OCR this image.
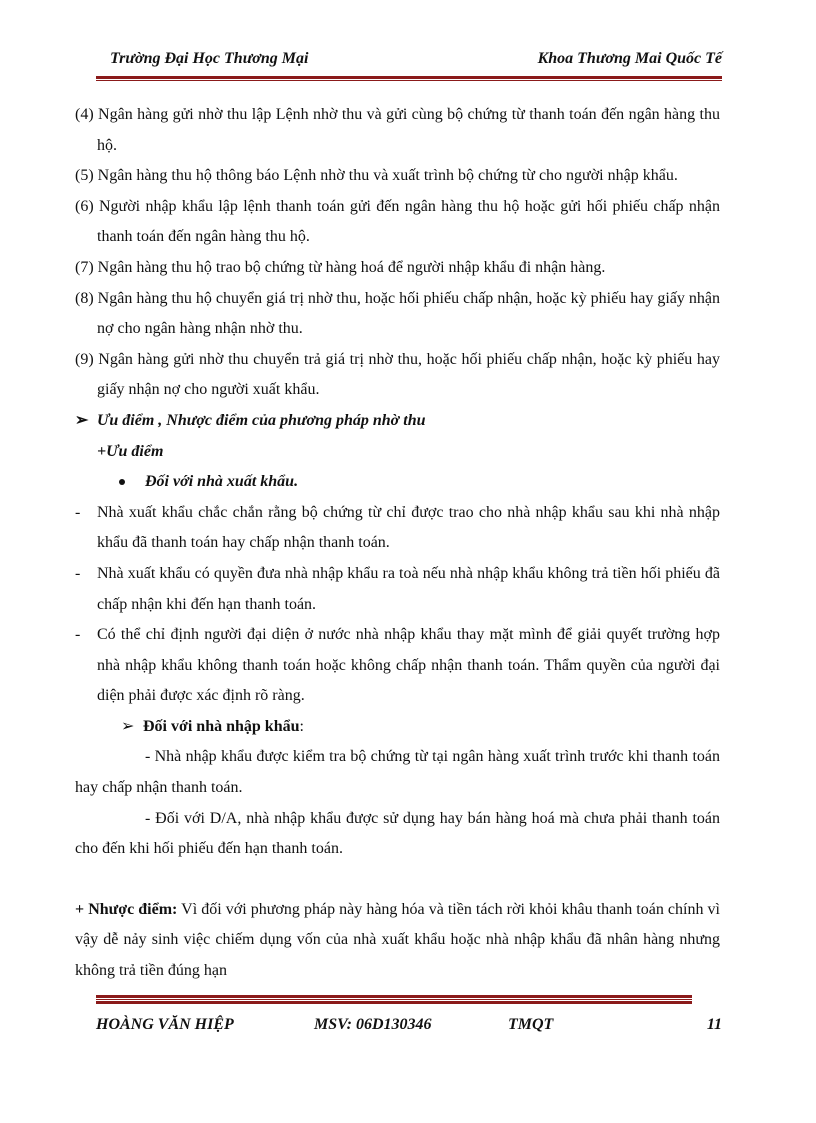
Trường Đại Học Thương Mại	Khoa Thương Mai Quốc Tế

(4) Ngân hàng gửi nhờ thu lập Lệnh nhờ thu và gửi cùng bộ chứng từ thanh toán đến ngân hàng thu hộ.

(5) Ngân hàng thu hộ thông báo Lệnh nhờ thu và xuất trình bộ chứng từ cho người nhập khẩu.

(6) Người nhập khẩu lập lệnh thanh toán gửi đến ngân hàng thu hộ hoặc gửi hối phiếu chấp nhận thanh toán đến ngân hàng thu hộ.

(7) Ngân hàng thu hộ trao bộ chứng từ hàng hoá để người nhập khẩu đi nhận hàng.

(8) Ngân hàng thu hộ chuyển giá trị nhờ thu, hoặc hối phiếu chấp nhận, hoặc kỳ phiếu hay giấy nhận nợ cho ngân hàng nhận nhờ thu.

(9) Ngân hàng gửi nhờ thu chuyển trả giá trị nhờ thu, hoặc hối phiếu chấp nhận, hoặc kỳ phiếu hay giấy nhận nợ cho người xuất khẩu.

➢ Ưu điểm , Nhược điểm của phương pháp nhờ thu

+Ưu điểm

Đối với nhà xuất khẩu.

- Nhà xuất khẩu chắc chắn rằng bộ chứng từ chỉ được trao cho nhà nhập khẩu sau khi nhà nhập khẩu đã thanh toán hay chấp nhận thanh toán.

- Nhà xuất khẩu có quyền đưa nhà nhập khẩu ra toà nếu nhà nhập khẩu không trả tiền hối phiếu đã chấp nhận khi đến hạn thanh toán.

- Có thể chỉ định người đại diện ở nước nhà nhập khẩu thay mặt mình để giải quyết trường hợp nhà nhập khẩu không thanh toán hoặc không chấp nhận thanh toán. Thẩm quyền của người đại diện phải được xác định rõ ràng.

➢ Đối với nhà nhập khẩu:

- Nhà nhập khẩu được kiểm tra bộ chứng từ tại ngân hàng xuất trình trước khi thanh toán hay chấp nhận thanh toán.

- Đối với D/A, nhà nhập khẩu được sử dụng hay bán hàng hoá mà chưa phải thanh toán cho đến khi hối phiếu đến hạn thanh toán.

+ Nhược điểm: Vì đối với phương pháp này hàng hóa và tiền tách rời khỏi khâu thanh toán chính vì vậy dễ nảy sinh việc chiếm dụng vốn của nhà xuất khẩu hoặc nhà nhập khẩu đã nhân hàng nhưng không trả tiền đúng hạn

HOÀNG VĂN HIỆP	MSV: 06D130346	TMQT	11
